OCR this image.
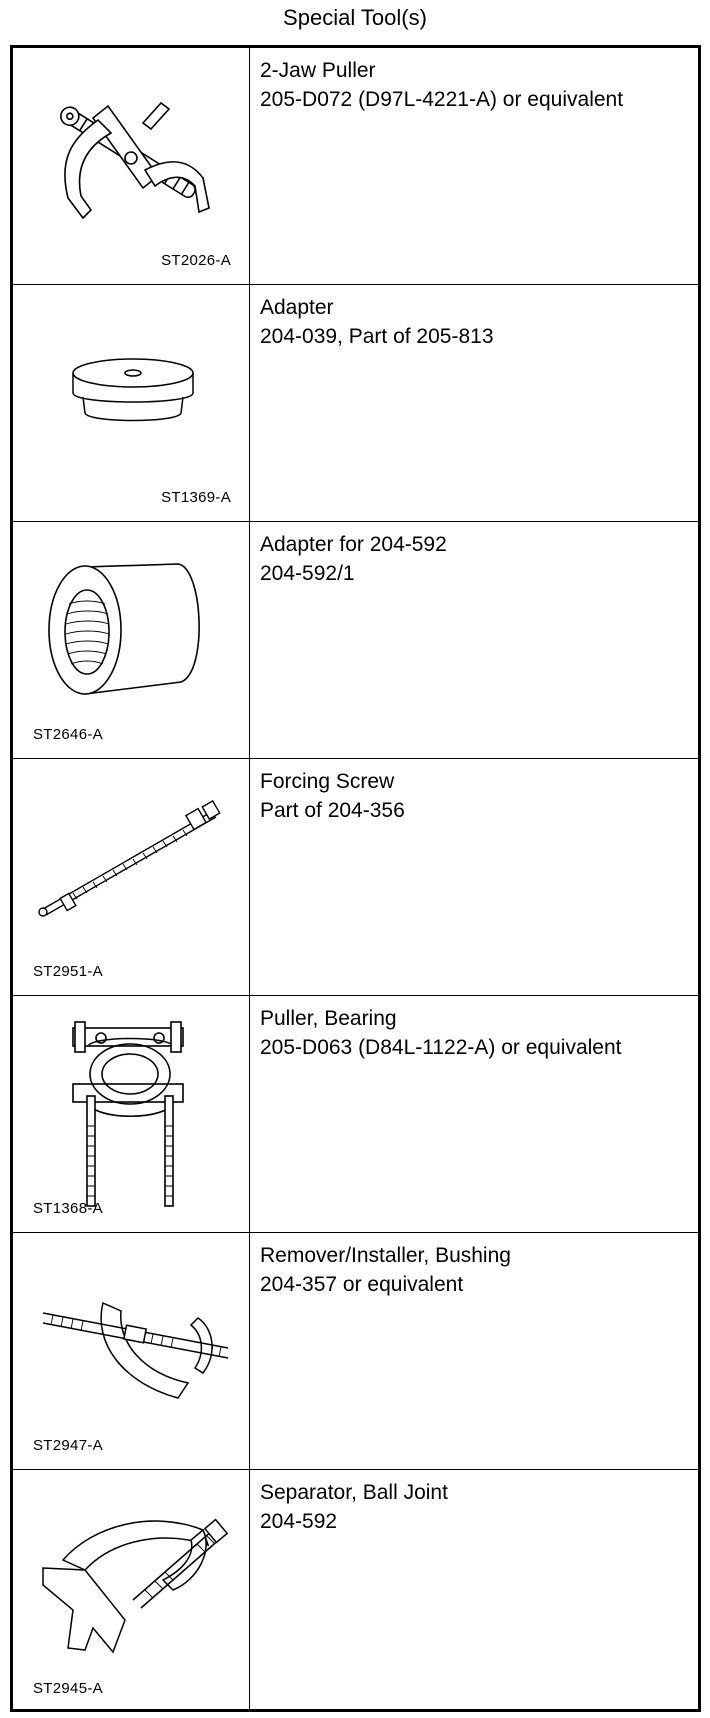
Special Tool(s)
ST2026-A
2-Jaw Puller
205-D072 (D97L-4221-A) or equivalent
ST1369-A
Adapter
204-039, Part of 205-813
ST2646-A
Adapter for 204-592
204-592/1
ST2951-A
Forcing Screw
Part of 204-356
ST1368-A
Puller, Bearing
205-D063 (D84L-1122-A) or equivalent
ST2947-A
Remover/Installer, Bushing
204-357 or equivalent
ST2945-A
Separator, Ball Joint
204-592
